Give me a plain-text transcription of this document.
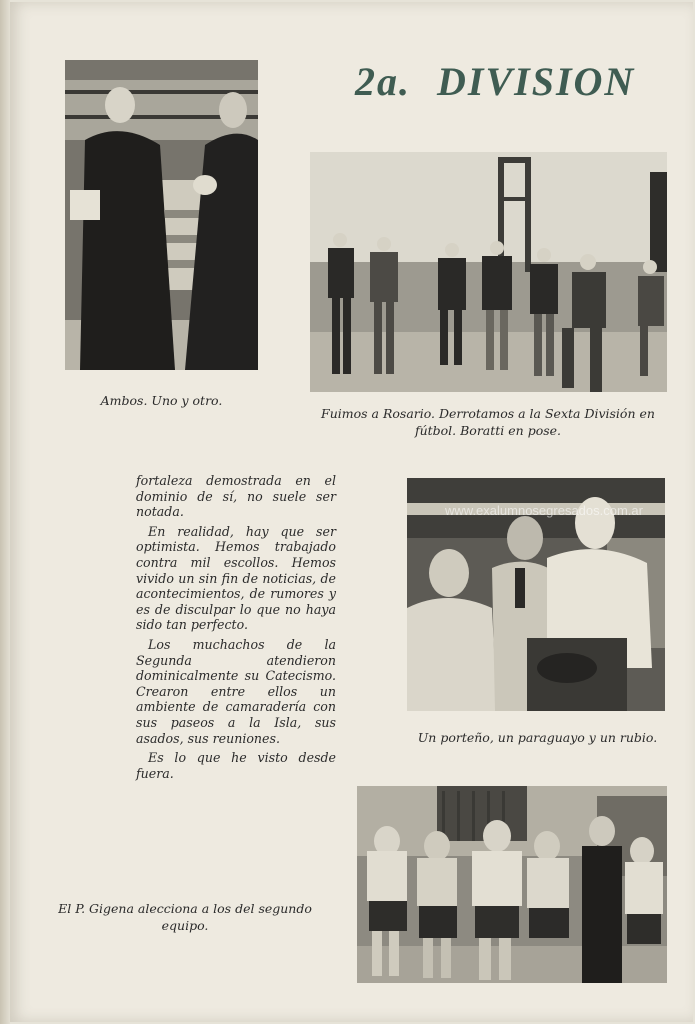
2a. DIVISION
Ambos. Uno y otro.
Fuimos a Rosario. Derrotamos a la Sexta División en fútbol. Boratti en pose.

fortaleza demostrada en el dominio de sí, no suele ser notada.

En realidad, hay que ser optimista. Hemos trabajado contra mil escollos. Hemos vivido un sin fin de noticias, de acontecimientos, de rumores y es de disculpar lo que no haya sido tan perfecto.

Los muchachos de la Segunda atendieron dominicalmente su Catecismo. Crearon entre ellos un ambiente de camaradería con sus paseos a la Isla, sus asados, sus reuniones.

Es lo que he visto desde fuera.

www.exalumnosegresados.com.ar
Un porteño, un paraguayo y un rubio.
El P. Gigena alecciona a los del segundo equipo.
